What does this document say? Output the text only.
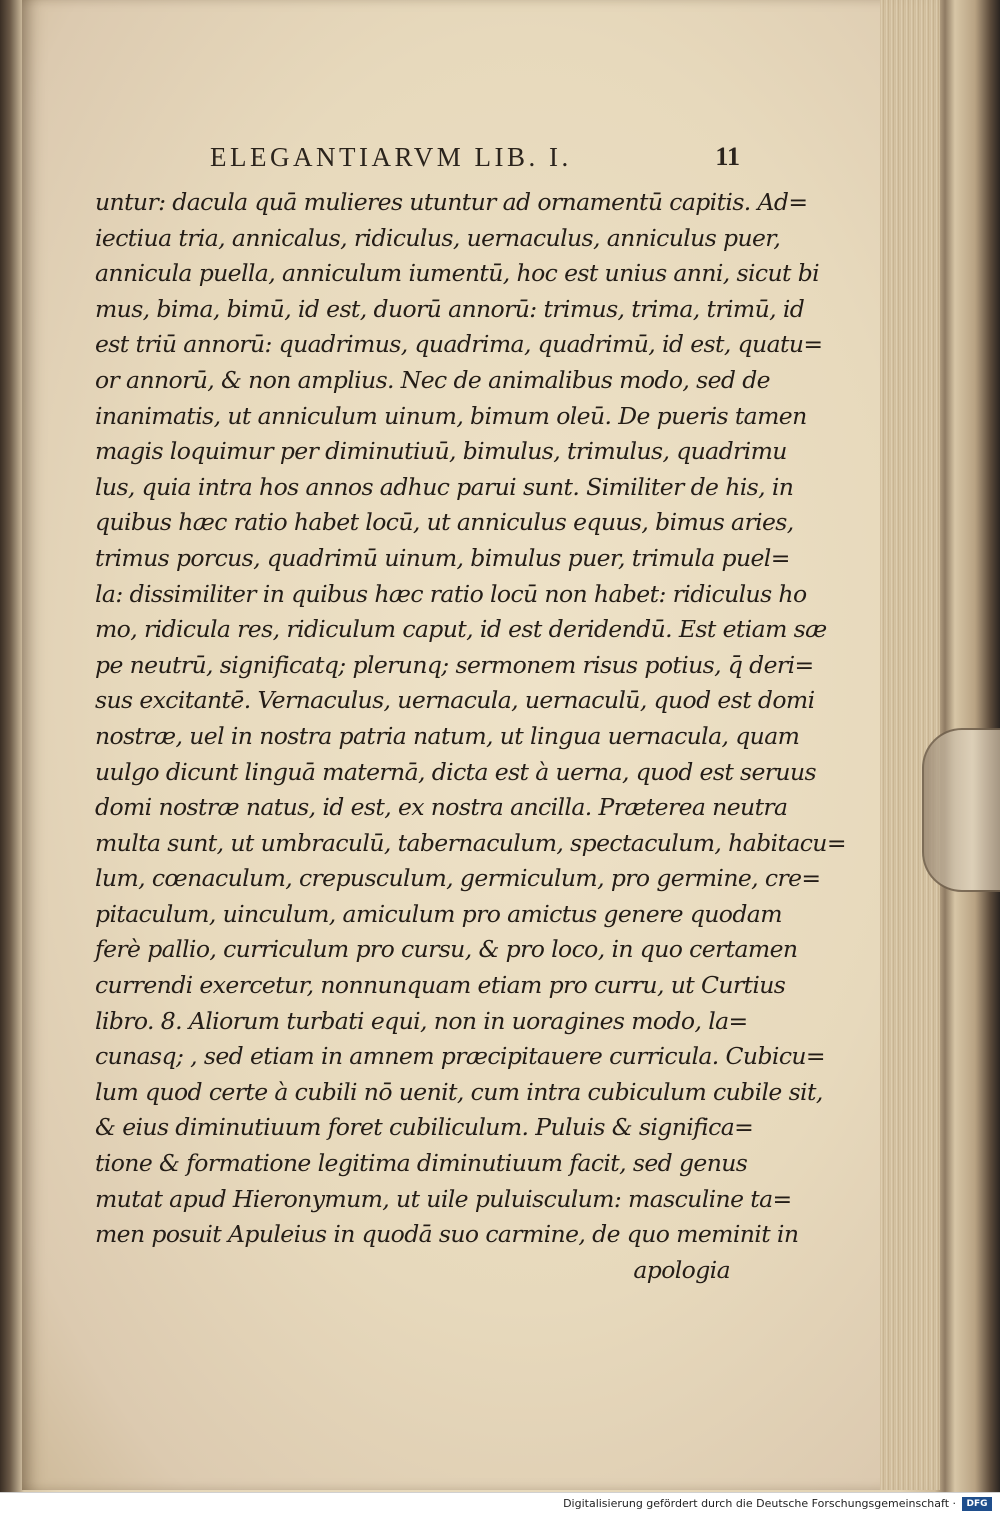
ELEGANTIARVM LIB. I.	11
untur: dacula quā mulieres utuntur ad ornamentū capitis. Ad=
iectiua tria, annicalus, ridiculus, uernaculus, anniculus puer,
annicula puella, anniculum iumentū, hoc est unius anni, sicut bi
mus, bima, bimū, id est, duorū annorū: trimus, trima, trimū, id
est triū annorū: quadrimus, quadrima, quadrimū, id est, quatu=
or annorū, & non amplius. Nec de animalibus modo, sed de
inanimatis, ut anniculum uinum, bimum oleū. De pueris tamen
magis loquimur per diminutiuū, bimulus, trimulus, quadrimu
lus, quia intra hos annos adhuc parui sunt. Similiter de his, in
quibus hæc ratio habet locū, ut anniculus equus, bimus aries,
trimus porcus, quadrimū uinum, bimulus puer, trimula puel=
la: dissimiliter in quibus hæc ratio locū non habet: ridiculus ho
mo, ridicula res, ridiculum caput, id est deridendū. Est etiam sæ
pe neutrū, significatq; plerunq; sermonem risus potius, q̄ deri=
sus excitantē. Vernaculus, uernacula, uernaculū, quod est domi
nostræ, uel in nostra patria natum, ut lingua uernacula, quam
uulgo dicunt linguā maternā, dicta est à uerna, quod est seruus
domi nostræ natus, id est, ex nostra ancilla. Præterea neutra
multa sunt, ut umbraculū, tabernaculum, spectaculum, habitacu=
lum, cœnaculum, crepusculum, germiculum, pro germine, cre=
pitaculum, uinculum, amiculum pro amictus genere quodam
ferè pallio, curriculum pro cursu, & pro loco, in quo certamen
currendi exercetur, nonnunquam etiam pro curru, ut Curtius
libro. 8. Aliorum turbati equi, non in uoragines modo, la=
cunasq; , sed etiam in amnem præcipitauere curricula. Cubicu=
lum quod certe à cubili nō uenit, cum intra cubiculum cubile sit,
& eius diminutiuum foret cubiliculum. Puluis & significa=
tione & formatione legitima diminutiuum facit, sed genus
mutat apud Hieronymum, ut uile puluisculum: masculine ta=
men posuit Apuleius in quodā suo carmine, de quo meminit in
apologia
Digitalisierung gefördert durch die Deutsche Forschungsgemeinschaft ·	DFG
